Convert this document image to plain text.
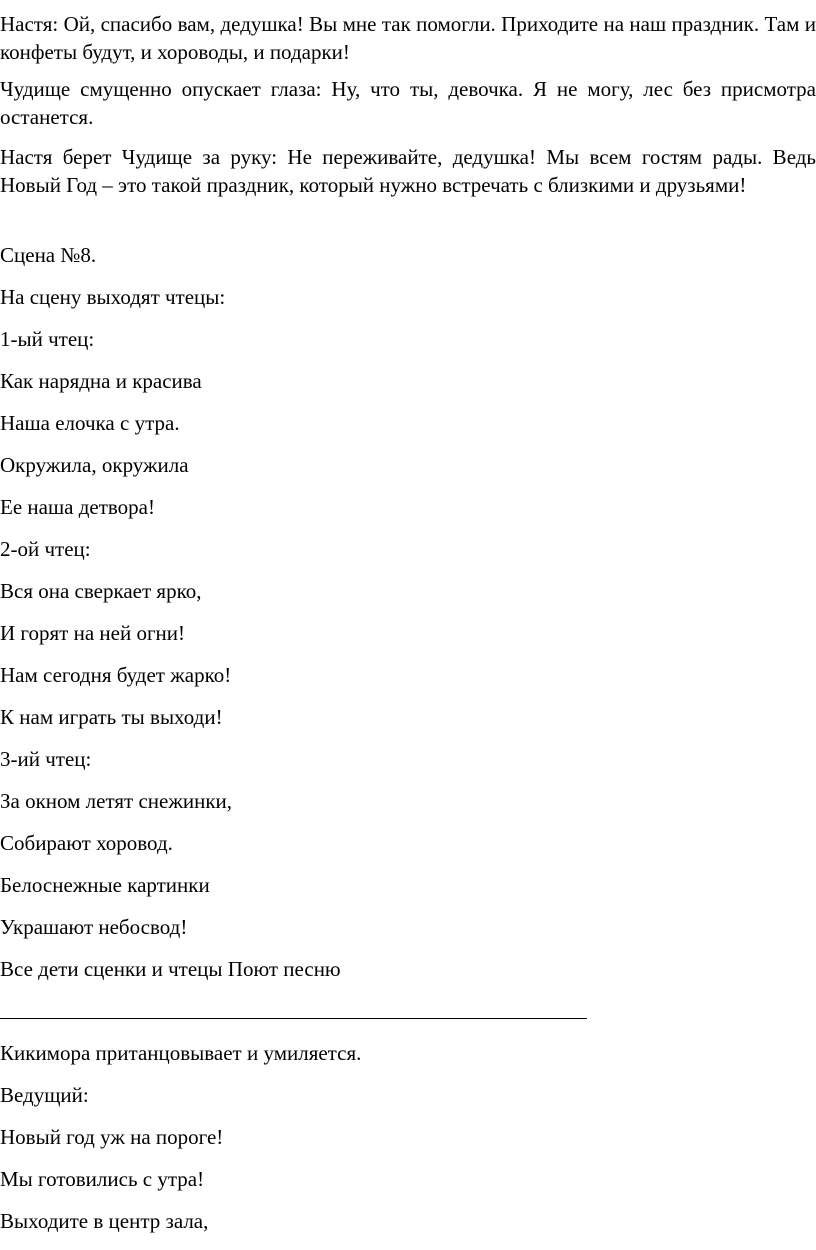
Настя: Ой, спасибо вам, дедушка! Вы мне так помогли. Приходите на наш праздник. Там и конфеты будут, и хороводы, и подарки!

Чудище смущенно опускает глаза: Ну, что ты, девочка. Я не могу, лес без присмотра останется.

Настя берет Чудище за руку: Не переживайте, дедушка! Мы всем гостям рады. Ведь Новый Год – это такой праздник, который нужно встречать с близкими и друзьями!

Сцена №8.

На сцену выходят чтецы:

1-ый чтец:

Как нарядна и красива

Наша елочка с утра.

Окружила, окружила

Ее наша детвора!

2-ой чтец:

Вся она сверкает ярко,

И горят на ней огни!

Нам сегодня будет жарко!

К нам играть ты выходи!

3-ий чтец:

За окном летят снежинки,

Собирают хоровод.

Белоснежные картинки

Украшают небосвод!

Все дети сценки и чтецы Поют песню

Кикимора пританцовывает и умиляется.

Ведущий:

Новый год уж на пороге!

Мы готовились с утра!

Выходите в центр зала,
